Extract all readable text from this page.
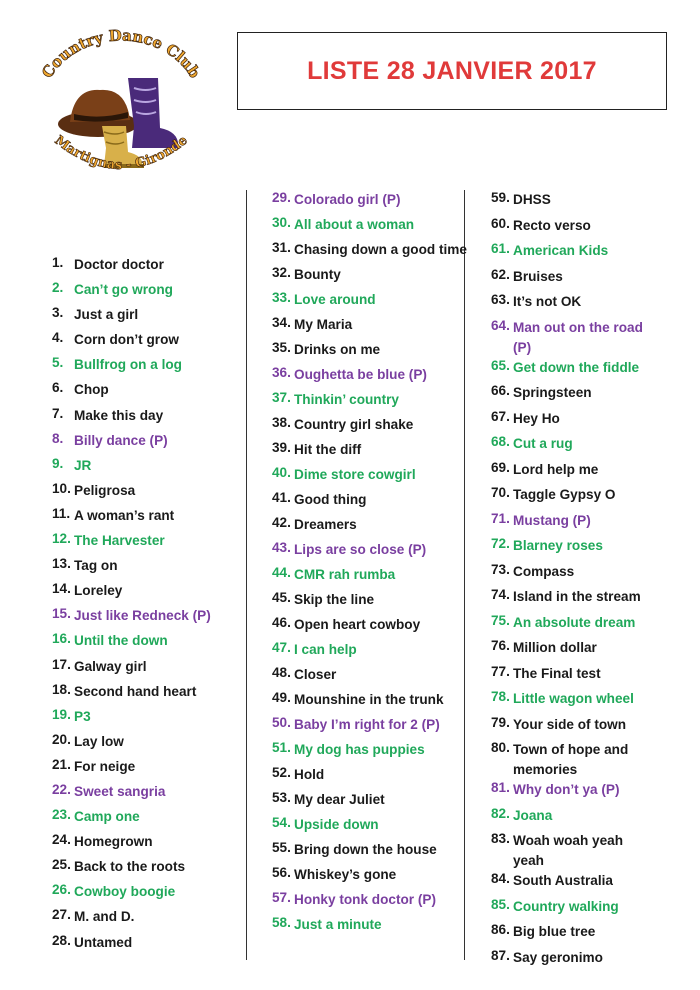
Country Dance Club
Martignas - Gironde
LISTE 28 JANVIER 2017
1. Doctor doctor
2. Can’t go wrong
3. Just a girl
4. Corn don’t grow
5. Bullfrog on a log
6. Chop
7. Make this day
8. Billy dance (P)
9. JR
10. Peligrosa
11. A woman’s rant
12. The Harvester
13. Tag on
14. Loreley
15. Just like Redneck (P)
16. Until the down
17. Galway girl
18. Second hand heart
19. P3
20. Lay low
21. For neige
22. Sweet sangria
23. Camp one
24. Homegrown
25. Back to the roots
26. Cowboy boogie
27. M. and D.
28. Untamed
29. Colorado girl (P)
30. All about a woman
31. Chasing down a good time
32. Bounty
33. Love around
34. My Maria
35. Drinks on me
36. Oughetta be blue (P)
37. Thinkin’ country
38. Country girl shake
39. Hit the diff
40. Dime store cowgirl
41. Good thing
42. Dreamers
43. Lips are so close (P)
44. CMR rah rumba
45. Skip the line
46. Open heart cowboy
47. I can help
48. Closer
49. Mounshine in the trunk
50. Baby I’m right for 2 (P)
51. My dog has puppies
52. Hold
53. My dear Juliet
54. Upside down
55. Bring down the house
56. Whiskey’s gone
57. Honky tonk doctor (P)
58. Just a minute
59. DHSS
60. Recto verso
61. American Kids
62. Bruises
63. It’s not OK
64. Man out on the road (P)
65. Get down the fiddle
66. Springsteen
67. Hey Ho
68. Cut a rug
69. Lord help me
70. Taggle Gypsy O
71. Mustang (P)
72. Blarney roses
73. Compass
74. Island in the stream
75. An absolute dream
76. Million dollar
77. The Final test
78. Little wagon wheel
79. Your side of town
80. Town of hope and memories
81. Why don’t ya (P)
82. Joana
83. Woah woah yeah yeah
84. South Australia
85. Country walking
86. Big blue tree
87. Say geronimo
